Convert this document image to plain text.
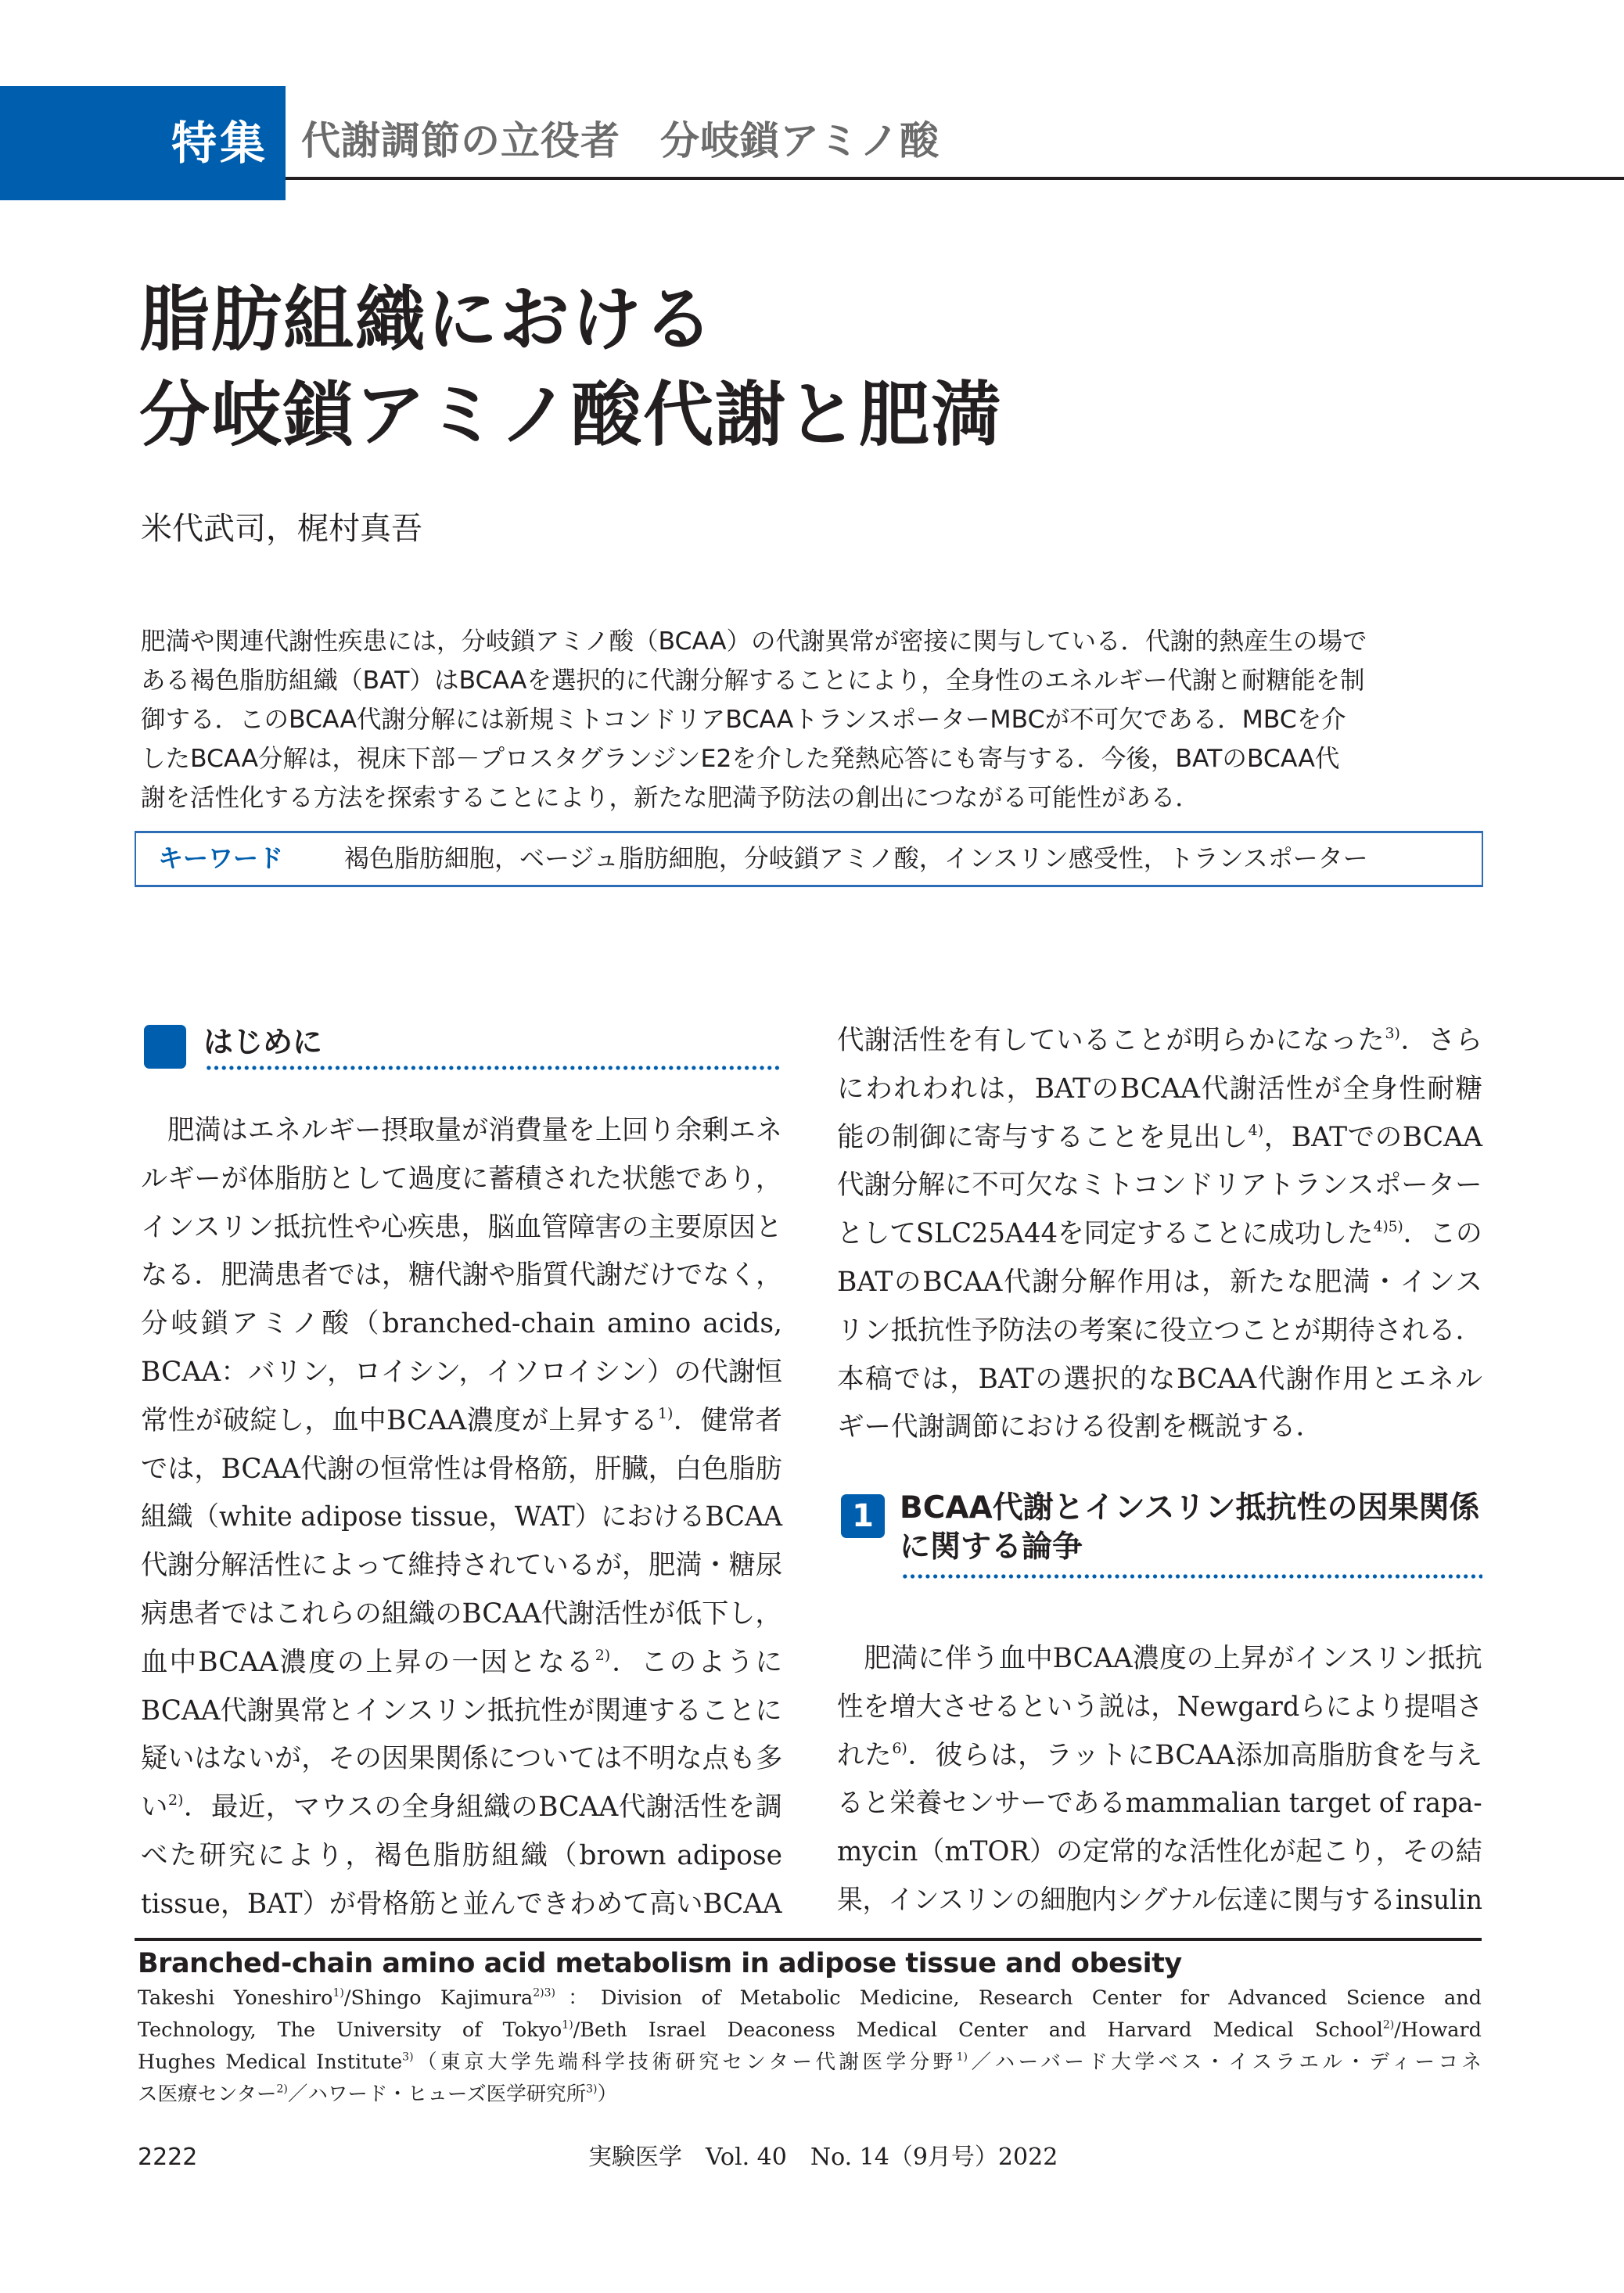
特集 代謝調節の立役者　分岐鎖アミノ酸
脂肪組織における
分岐鎖アミノ酸代謝と肥満
米代武司，梶村真吾
肥満や関連代謝性疾患には，分岐鎖アミノ酸（BCAA）の代謝異常が密接に関与している．代謝的熱産生の場で
ある褐色脂肪組織（BAT）はBCAAを選択的に代謝分解することにより，全身性のエネルギー代謝と耐糖能を制
御する．このBCAA代謝分解には新規ミトコンドリアBCAAトランスポーターMBCが不可欠である．MBCを介
したBCAA分解は，視床下部－プロスタグランジンE2を介した発熱応答にも寄与する．今後，BATのBCAA代
謝を活性化する方法を探索することにより，新たな肥満予防法の創出につながる可能性がある．
キーワード 褐色脂肪細胞，ベージュ脂肪細胞，分岐鎖アミノ酸，インスリン感受性，トランスポーター
はじめに
　肥満はエネルギー摂取量が消費量を上回り余剰エネ
ルギーが体脂肪として過度に蓄積された状態であり，
インスリン抵抗性や心疾患，脳血管障害の主要原因と
なる．肥満患者では，糖代謝や脂質代謝だけでなく，
分岐鎖アミノ酸（branched-chain amino acids,
BCAA：バリン，ロイシン，イソロイシン）の代謝恒
常性が破綻し，血中BCAA濃度が上昇する$^{1)}$．健常者
では，BCAA代謝の恒常性は骨格筋，肝臓，白色脂肪
組織（white adipose tissue，WAT）におけるBCAA
代謝分解活性によって維持されているが，肥満・糖尿
病患者ではこれらの組織のBCAA代謝活性が低下し，
血中BCAA濃度の上昇の一因となる$^{2)}$．このように
BCAA代謝異常とインスリン抵抗性が関連することに
疑いはないが，その因果関係については不明な点も多
い$^{2)}$．最近，マウスの全身組織のBCAA代謝活性を調
べた研究により，褐色脂肪組織（brown adipose
tissue，BAT）が骨格筋と並んできわめて高いBCAA
代謝活性を有していることが明らかになった$^{3)}$．さら
にわれわれは，BATのBCAA代謝活性が全身性耐糖
能の制御に寄与することを見出し$^{4)}$，BATでのBCAA
代謝分解に不可欠なミトコンドリアトランスポーター
としてSLC25A44を同定することに成功した$^{4)5)}$．この
BATのBCAA代謝分解作用は，新たな肥満・インス
リン抵抗性予防法の考案に役立つことが期待される．
本稿では，BATの選択的なBCAA代謝作用とエネル
ギー代謝調節における役割を概説する．
1 BCAA代謝とインスリン抵抗性の因果関係
に関する論争
　肥満に伴う血中BCAA濃度の上昇がインスリン抵抗
性を増大させるという説は，Newgardらにより提唱さ
れた$^{6)}$．彼らは，ラットにBCAA添加高脂肪食を与え
ると栄養センサーであるmammalian target of rapa-
mycin（mTOR）の定常的な活性化が起こり，その結
果，インスリンの細胞内シグナル伝達に関与するinsulin
Branched-chain amino acid metabolism in adipose tissue and obesity
Takeshi Yoneshiro$^{1)}$/Shingo Kajimura$^{2)3)}$：Division of Metabolic Medicine, Research Center for Advanced Science and
Technology, The University of Tokyo$^{1)}$/Beth Israel Deaconess Medical Center and Harvard Medical School$^{2)}$/Howard
Hughes Medical Institute$^{3)}$（東京大学先端科学技術研究センター代謝医学分野$^{1)}$／ハーバード大学ベス・イスラエル・ディーコネ
ス医療センター$^{2)}$／ハワード・ヒューズ医学研究所$^{3)}$）
2222	実験医学　Vol. 40　No. 14（9月号）2022
